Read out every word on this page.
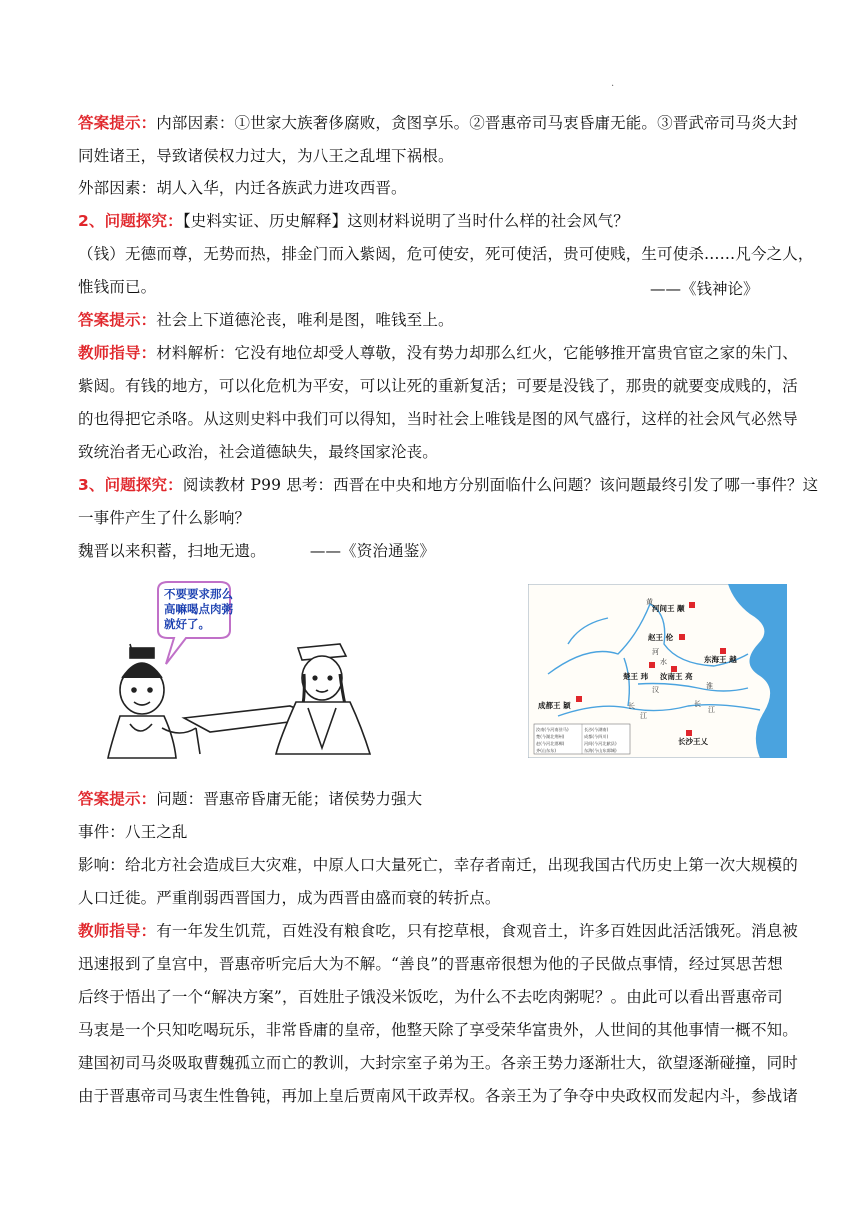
.
答案提示：内部因素：①世家大族奢侈腐败，贪图享乐。②晋惠帝司马衷昏庸无能。③晋武帝司马炎大封
同姓诸王，导致诸侯权力过大，为八王之乱埋下祸根。
外部因素：胡人入华，内迁各族武力进攻西晋。
2、问题探究：【史料实证、历史解释】这则材料说明了当时什么样的社会风气？
（钱）无德而尊，无势而热，排金门而入紫闼，危可使安，死可使活，贵可使贱，生可使杀……凡今之人，
惟钱而已。	——《钱神论》
答案提示：社会上下道德沦丧，唯利是图，唯钱至上。
教师指导：材料解析：它没有地位却受人尊敬，没有势力却那么红火，它能够推开富贵官宦之家的朱门、
紫闼。有钱的地方，可以化危机为平安，可以让死的重新复活；可要是没钱了，那贵的就要变成贱的，活
的也得把它杀咯。从这则史料中我们可以得知，当时社会上唯钱是图的风气盛行，这样的社会风气必然导
致统治者无心政治，社会道德缺失，最终国家沦丧。
3、问题探究：阅读教材 P99 思考：西晋在中央和地方分别面临什么问题？该问题最终引发了哪一事件？这
一事件产生了什么影响？
魏晋以来积蓄，扫地无遗。	——《资治通鉴》
不要要求那么
高嘛喝点肉粥
就好了。
河间王 颙
赵王 伦
东海王 越
楚王 玮 汝南王 亮
成都王 颖
长沙王乂
黄
河
水
淮
汉
长
江
长
江
汝南(今河南驻马)	长沙(今湖南)
楚(今湖北荆州)	成都(今四川)
赵(今河北邯郸)	河间(今河北献县)
齐(山东东)	东海(今山东郯城)
答案提示：问题：晋惠帝昏庸无能；诸侯势力强大
事件：八王之乱
影响：给北方社会造成巨大灾难，中原人口大量死亡，幸存者南迁，出现我国古代历史上第一次大规模的
人口迁徙。严重削弱西晋国力，成为西晋由盛而衰的转折点。
教师指导：有一年发生饥荒，百姓没有粮食吃，只有挖草根，食观音土，许多百姓因此活活饿死。消息被
迅速报到了皇宫中，晋惠帝听完后大为不解。“善良”的晋惠帝很想为他的子民做点事情，经过冥思苦想
后终于悟出了一个“解决方案”，百姓肚子饿没米饭吃，为什么不去吃肉粥呢？。由此可以看出晋惠帝司
马衷是一个只知吃喝玩乐，非常昏庸的皇帝，他整天除了享受荣华富贵外，人世间的其他事情一概不知。
建国初司马炎吸取曹魏孤立而亡的教训，大封宗室子弟为王。各亲王势力逐渐壮大，欲望逐渐碰撞，同时
由于晋惠帝司马衷生性鲁钝，再加上皇后贾南风干政弄权。各亲王为了争夺中央政权而发起内斗，参战诸
